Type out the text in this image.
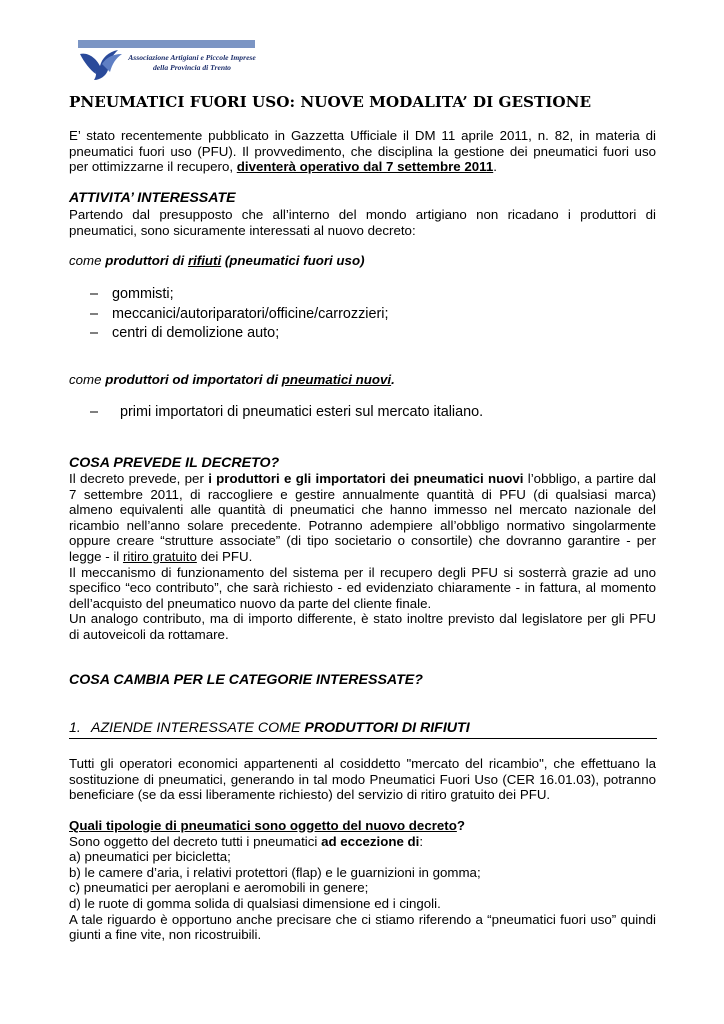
Associazione Artigiani e Piccole Imprese
della Provincia di Trento
PNEUMATICI FUORI USO: NUOVE MODALITA’ DI GESTIONE
E’ stato recentemente pubblicato in Gazzetta Ufficiale il DM 11 aprile 2011, n. 82, in materia di
pneumatici fuori uso (PFU). Il provvedimento, che disciplina la gestione dei pneumatici fuori uso
per ottimizzarne il recupero, diventerà operativo dal 7 settembre 2011.
ATTIVITA’ INTERESSATE
Partendo dal presupposto che all’interno del mondo artigiano non ricadano i produttori di
pneumatici, sono sicuramente interessati al nuovo decreto:
come produttori di rifiuti (pneumatici fuori uso)
– gommisti;
– meccanici/autoriparatori/officine/carrozzieri;
– centri di demolizione auto;
come produttori od importatori di pneumatici nuovi.
–	primi importatori di pneumatici esteri sul mercato italiano.
COSA PREVEDE IL DECRETO?
Il decreto prevede, per i produttori e gli importatori dei pneumatici nuovi l’obbligo, a partire dal
7 settembre 2011, di raccogliere e gestire annualmente quantità di PFU (di qualsiasi marca)
almeno equivalenti alle quantità di pneumatici che hanno immesso nel mercato nazionale del
ricambio nell’anno solare precedente. Potranno adempiere all’obbligo normativo singolarmente
oppure creare “strutture associate” (di tipo societario o consortile) che dovranno garantire - per
legge - il ritiro gratuito dei PFU.
Il meccanismo di funzionamento del sistema per il recupero degli PFU si sosterrà grazie ad uno
specifico “eco contributo”, che sarà richiesto - ed evidenziato chiaramente - in fattura, al momento
dell’acquisto del pneumatico nuovo da parte del cliente finale.
Un analogo contributo, ma di importo differente, è stato inoltre previsto dal legislatore per gli PFU
di autoveicoli da rottamare.
COSA CAMBIA PER LE CATEGORIE INTERESSATE?
1. AZIENDE INTERESSATE COME PRODUTTORI DI RIFIUTI
Tutti gli operatori economici appartenenti al cosiddetto "mercato del ricambio", che effettuano la
sostituzione di pneumatici, generando in tal modo Pneumatici Fuori Uso (CER 16.01.03), potranno
beneficiare (se da essi liberamente richiesto) del servizio di ritiro gratuito dei PFU.
Quali tipologie di pneumatici sono oggetto del nuovo decreto?
Sono oggetto del decreto tutti i pneumatici ad eccezione di:
a) pneumatici per bicicletta;
b) le camere d’aria, i relativi protettori (flap) e le guarnizioni in gomma;
c) pneumatici per aeroplani e aeromobili in genere;
d) le ruote di gomma solida di qualsiasi dimensione ed i cingoli.
A tale riguardo è opportuno anche precisare che ci stiamo riferendo a “pneumatici fuori uso” quindi
giunti a fine vite, non ricostruibili.
